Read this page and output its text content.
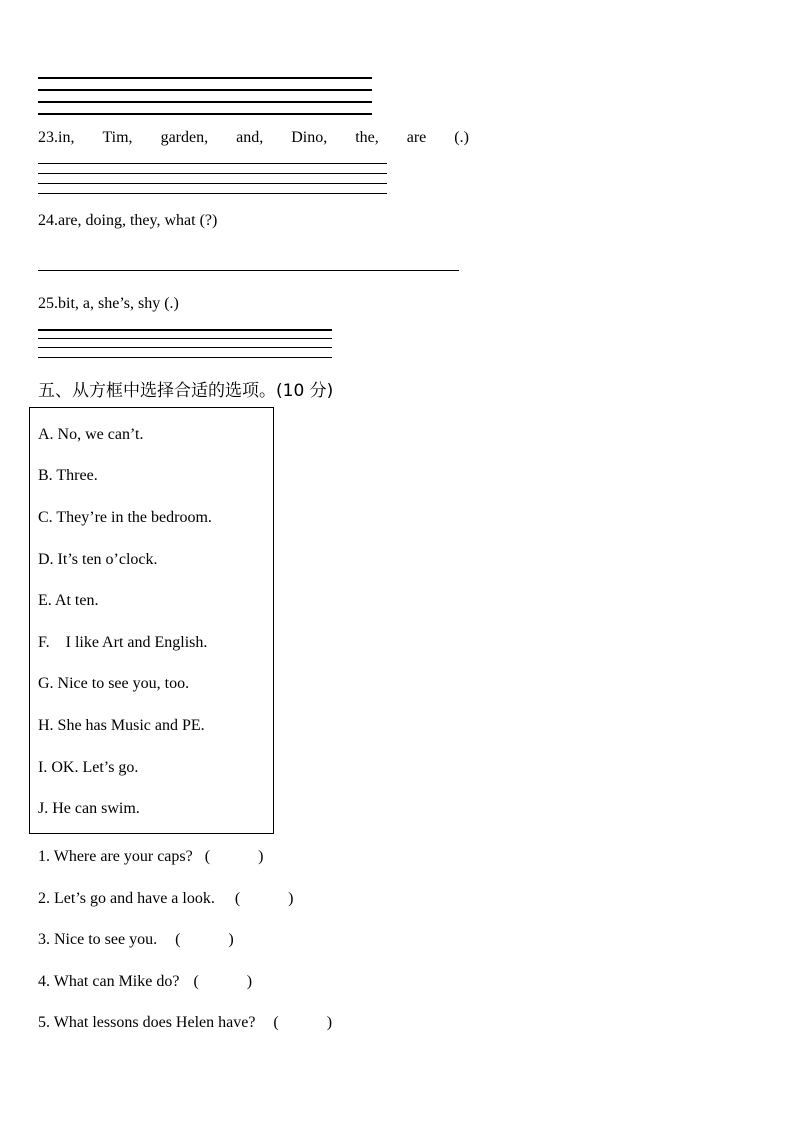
23.in, Tim, garden, and, Dino, the, are (.)
24.are, doing, they, what (?)
25.bit, a, she’s, shy (.)
五、从方框中选择合适的选项。(10 分)
A. No, we can’t.
B. Three.
C. They’re in the bedroom.
D. It’s ten o’clock.
E. At ten.
F.    I like Art and English.
G. Nice to see you, too.
H. She has Music and PE.
I. OK. Let’s go.
J. He can swim.
1. Where are your caps? (            )
2. Let’s go and have a look. (            )
3. Nice to see you. (            )
4. What can Mike do? (            )
5. What lessons does Helen have? (            )
